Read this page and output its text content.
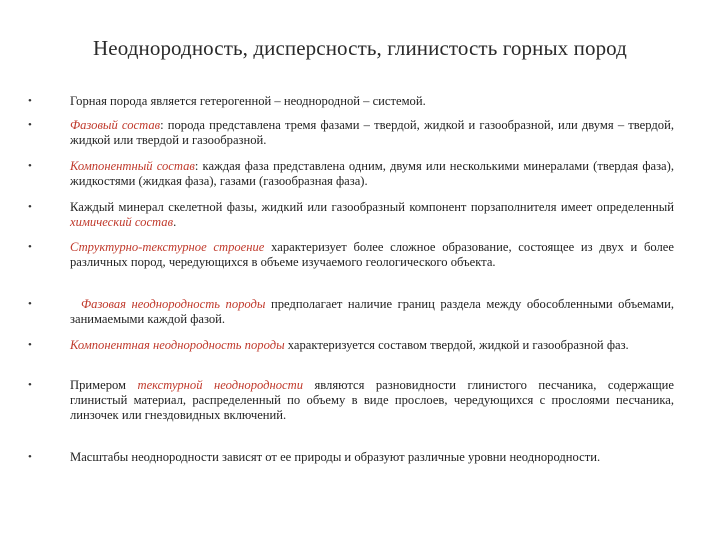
Неоднородность, дисперсность, глинистость горных пород
•	Горная порода является гетерогенной – неоднородной – системой.
•	Фазовый состав: порода представлена тремя фазами – твердой, жидкой и газообразной, или двумя – твердой, жидкой или твердой и газообразной.
•	Компонентный состав: каждая фаза представлена одним, двумя или несколькими минералами (твердая фаза), жидкостями (жидкая фаза), газами (газообразная фаза).
•	Каждый минерал скелетной фазы, жидкий или газообразный компонент порзаполнителя имеет определенный химический состав.
•	Структурно-текстурное строение характеризует более сложное образование, состоящее из двух и более различных пород, чередующихся в объеме изучаемого геологического объекта.
•	Фазовая неоднородность породы предполагает наличие границ раздела между обособленными объемами, занимаемыми каждой фазой.
•	Компонентная неоднородность породы характеризуется составом твердой, жидкой и газообразной фаз.
•	Примером текстурной неоднородности являются разновидности глинистого песчаника, содержащие глинистый материал, распределенный по объему в виде прослоев, чередующихся с прослоями песчаника, линзочек или гнездовидных включений.
•	Масштабы неоднородности зависят от ее природы и образуют различные уровни неоднородности.
